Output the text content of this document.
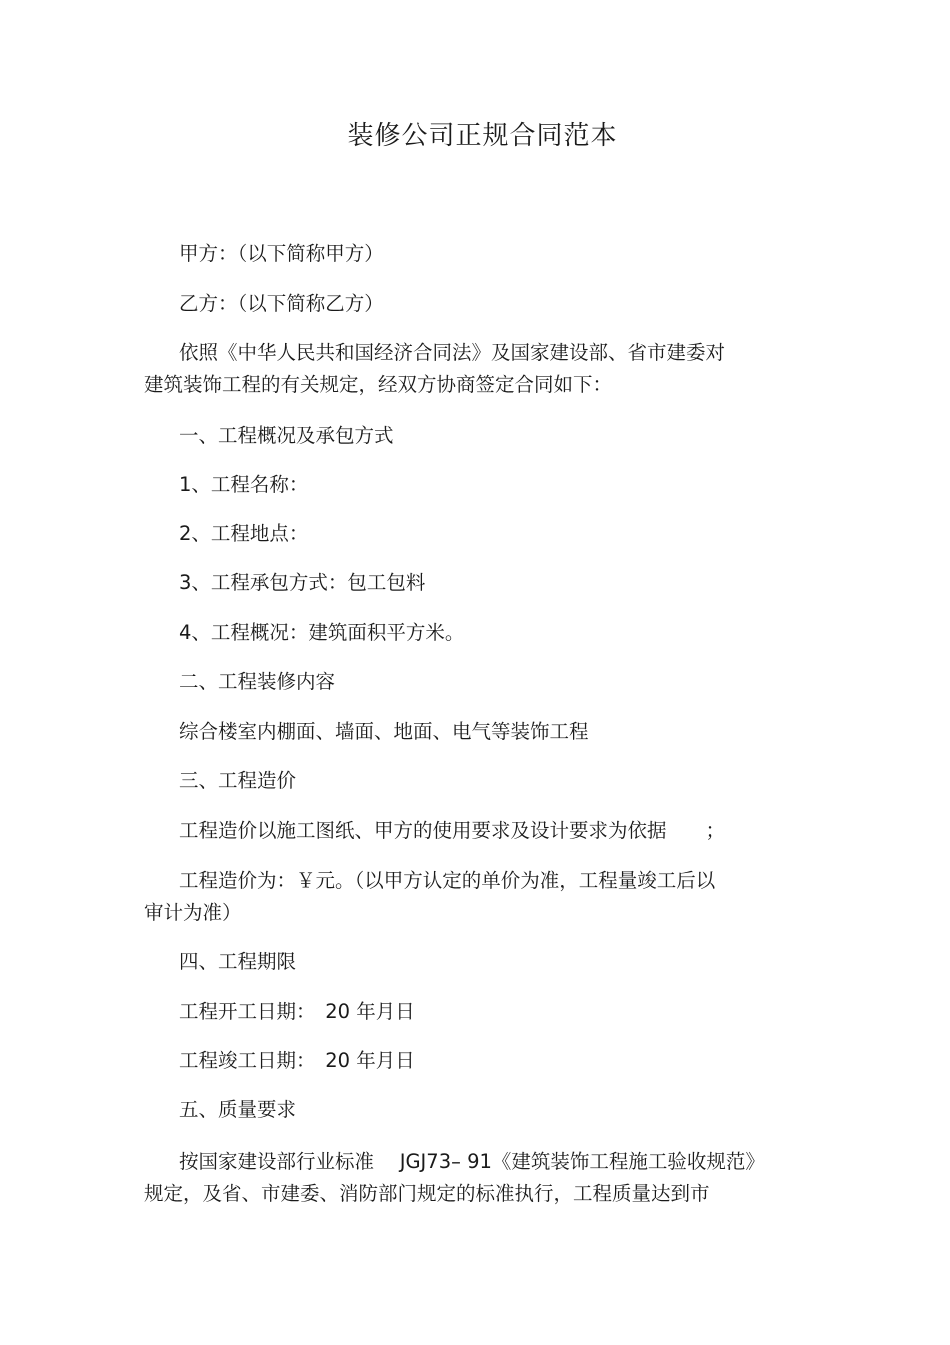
装修公司正规合同范本
甲方：（以下简称甲方）
乙方：（以下简称乙方）
依照《中华人民共和国经济合同法》及国家建设部、省市建委对
建筑装饰工程的有关规定，经双方协商签定合同如下：
一、工程概况及承包方式
1、工程名称：
2、工程地点：
3、工程承包方式：包工包料
4、工程概况：建筑面积平方米。
二、工程装修内容
综合楼室内棚面、墙面、地面、电气等装饰工程
三、工程造价
工程造价以施工图纸、甲方的使用要求及设计要求为依据　　；
工程造价为：￥元。（以甲方认定的单价为准，工程量竣工后以
审计为准）
四、工程期限
工程开工日期：　20 年月日
工程竣工日期：　20 年月日
五、质量要求
按国家建设部行业标准　 JGJ73– 91《建筑装饰工程施工验收规范》
规定，及省、市建委、消防部门规定的标准执行，工程质量达到市
